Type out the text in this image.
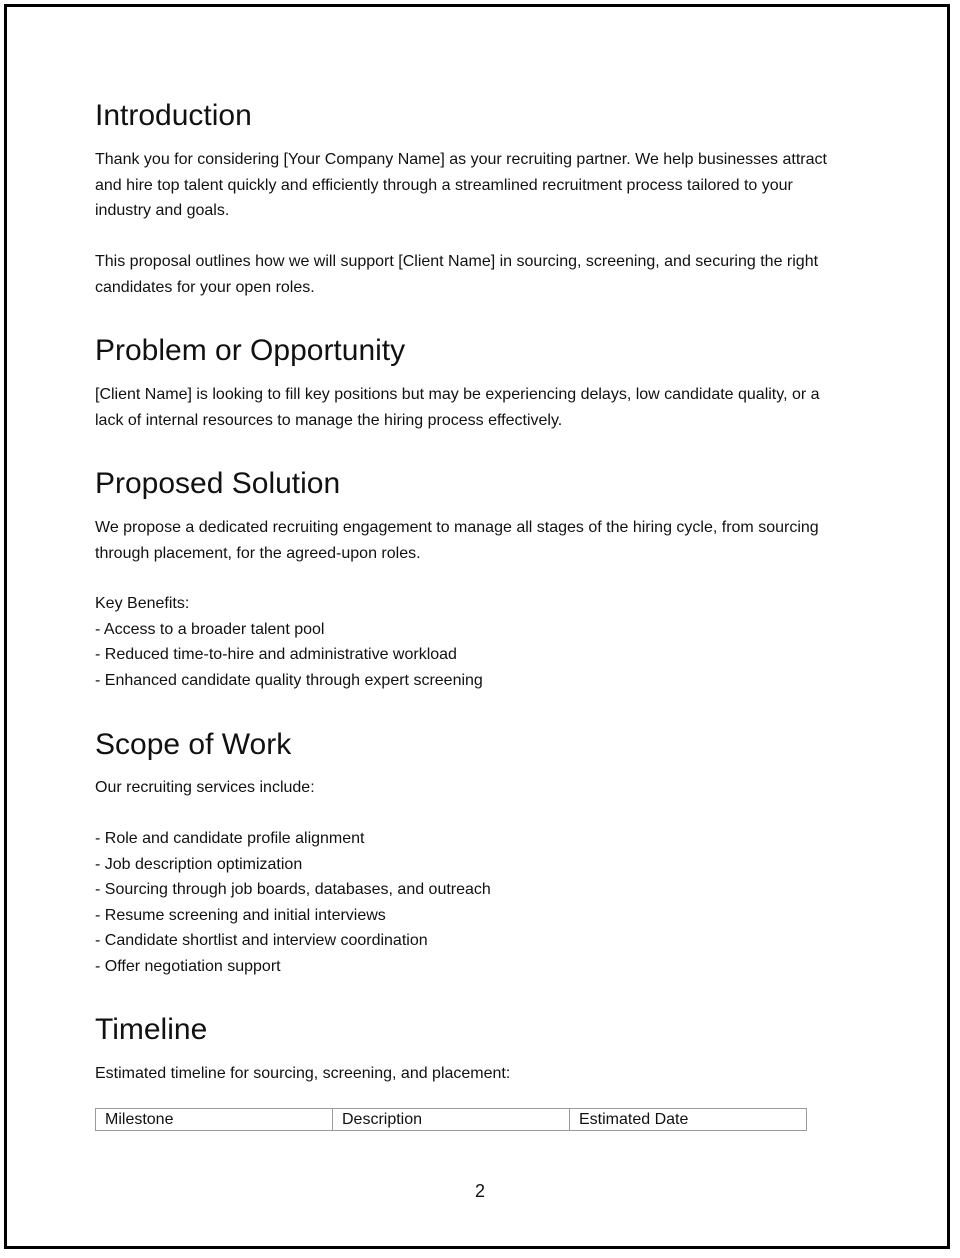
Introduction

Thank you for considering [Your Company Name] as your recruiting partner. We help businesses attract
and hire top talent quickly and efficiently through a streamlined recruitment process tailored to your
industry and goals.

This proposal outlines how we will support [Client Name] in sourcing, screening, and securing the right
candidates for your open roles.

Problem or Opportunity

[Client Name] is looking to fill key positions but may be experiencing delays, low candidate quality, or a
lack of internal resources to manage the hiring process effectively.

Proposed Solution

We propose a dedicated recruiting engagement to manage all stages of the hiring cycle, from sourcing
through placement, for the agreed-upon roles.

Key Benefits:
- Access to a broader talent pool
- Reduced time-to-hire and administrative workload
- Enhanced candidate quality through expert screening
Scope of Work

Our recruiting services include:

- Role and candidate profile alignment
- Job description optimization
- Sourcing through job boards, databases, and outreach
- Resume screening and initial interviews
- Candidate shortlist and interview coordination
- Offer negotiation support
Timeline

Estimated timeline for sourcing, screening, and placement:

Milestone	Description	Estimated Date
2
